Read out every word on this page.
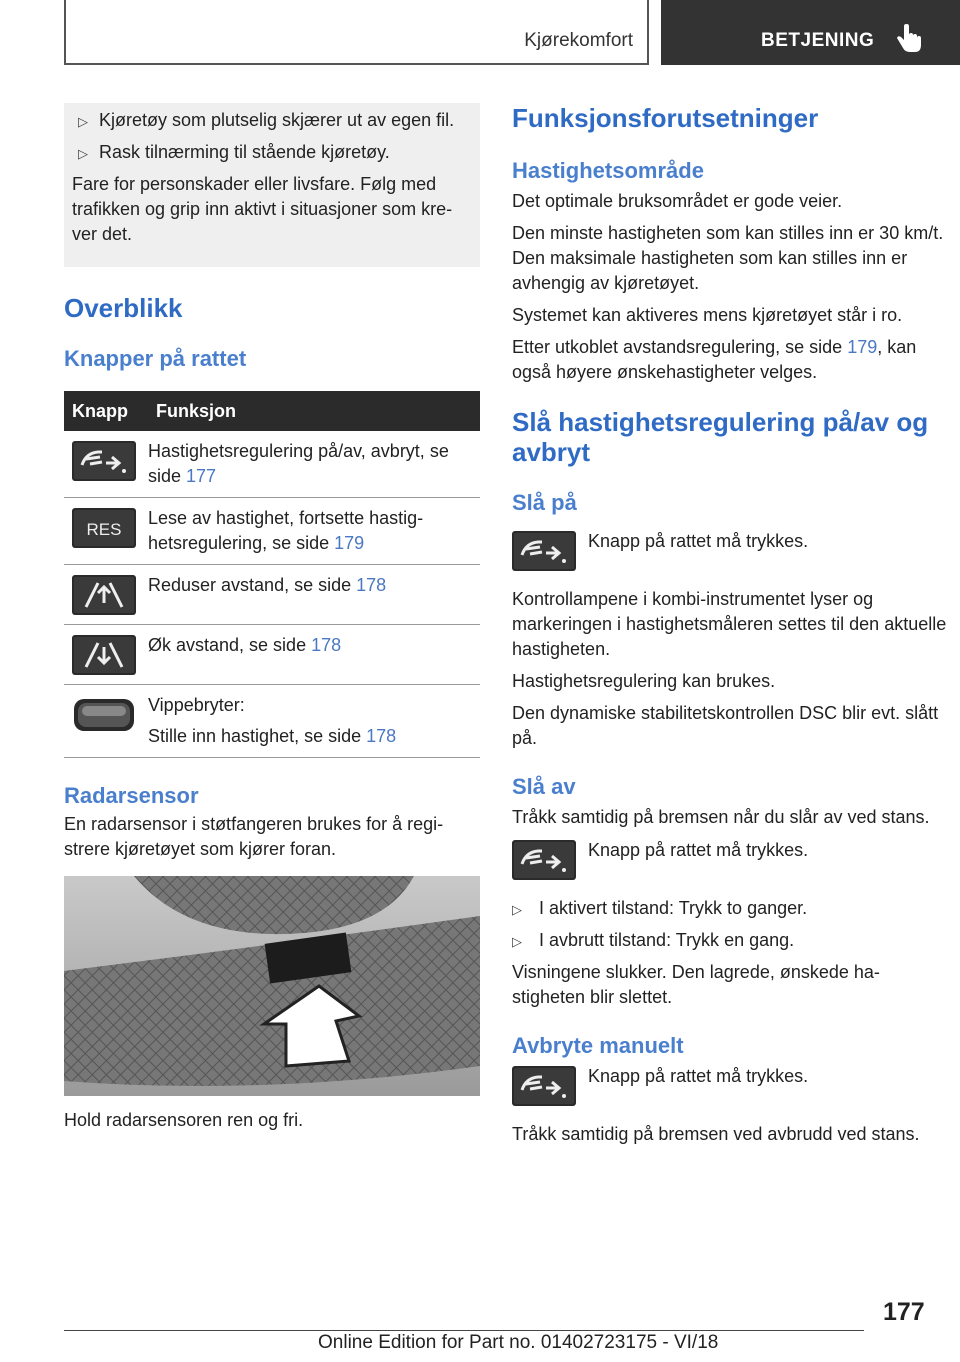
Kjørekomfort	BETJENING
▷ Kjøretøy som plutselig skjærer ut av egen fil.
▷ Rask tilnærming til stående kjøretøy.

Fare for personskader eller livsfare. Følg med trafikken og grip inn aktivt i situasjoner som kre-ver det.

Overblikk
Knapper på rattet
Knapp	Funksjon

	Hastighetsregulering på/av, avbryt, se side 177

RES	Lese av hastighet, fortsette hastig-hetsregulering, se side 179

	Reduser avstand, se side 178

	Øk avstand, se side 178

Vippebryter:

Stille inn hastighet, se side 178
Radarsensor

En radarsensor i støtfangeren brukes for å regi-strere kjøretøyet som kjører foran.

Hold radarsensoren ren og fri.

Funksjonsforutsetninger
Hastighetsområde

Det optimale bruksområdet er gode veier.

Den minste hastigheten som kan stilles inn er 30 km/t. Den maksimale hastigheten som kan stilles inn er avhengig av kjøretøyet.

Systemet kan aktiveres mens kjøretøyet står i ro.

Etter utkoblet avstandsregulering, se side 179, kan også høyere ønskehastigheter velges.

Slå hastighetsregulering på/av og avbryt
Slå på
Knapp på rattet må trykkes.

Kontrollampene i kombi-instrumentet lyser og markeringen i hastighetsmåleren settes til den aktuelle hastigheten.

Hastighetsregulering kan brukes.

Den dynamiske stabilitetskontrollen DSC blir evt. slått på.

Slå av

Tråkk samtidig på bremsen når du slår av ved stans.

Knapp på rattet må trykkes.
▷ I aktivert tilstand: Trykk to ganger.
▷ I avbrutt tilstand: Trykk en gang.

Visningene slukker. Den lagrede, ønskede ha-stigheten blir slettet.

Avbryte manuelt
Knapp på rattet må trykkes.

Tråkk samtidig på bremsen ved avbrudd ved stans.

177
Online Edition for Part no. 01402723175 - VI/18
